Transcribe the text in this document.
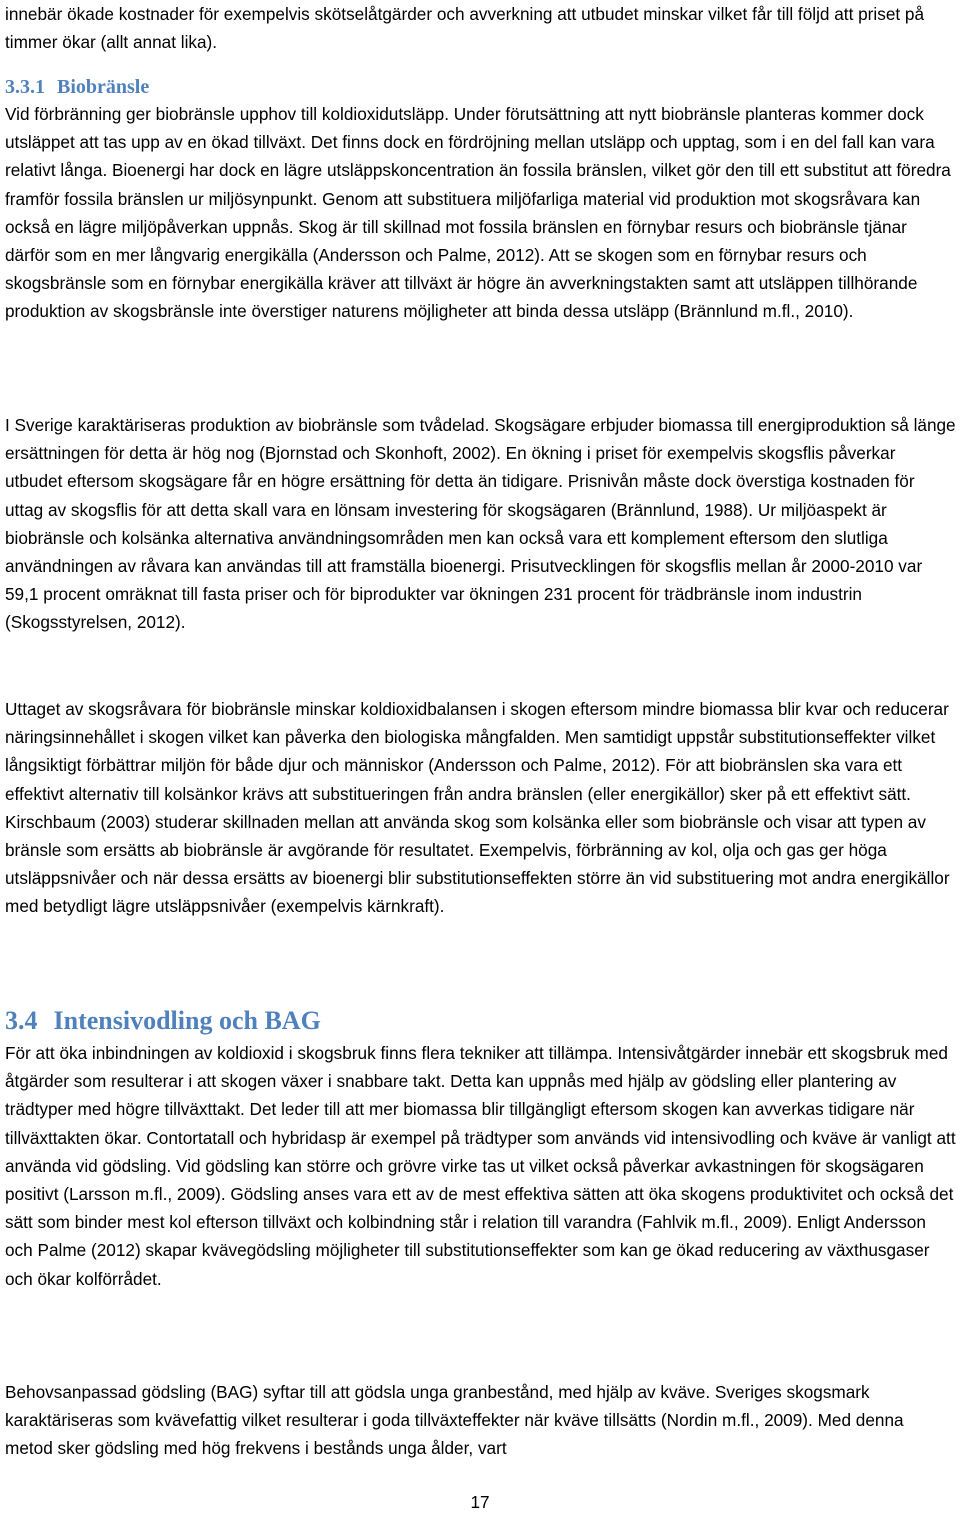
innebär ökade kostnader för exempelvis skötselåtgärder och avverkning att utbudet minskar vilket får till följd att priset på timmer ökar (allt annat lika).

3.3.1 Biobränsle

Vid förbränning ger biobränsle upphov till koldioxidutsläpp. Under förutsättning att nytt biobränsle planteras kommer dock utsläppet att tas upp av en ökad tillväxt. Det finns dock en fördröjning mellan utsläpp och upptag, som i en del fall kan vara relativt långa. Bioenergi har dock en lägre utsläppskoncentration än fossila bränslen, vilket gör den till ett substitut att föredra framför fossila bränslen ur miljösynpunkt. Genom att substituera miljöfarliga material vid produktion mot skogsråvara kan också en lägre miljöpåverkan uppnås. Skog är till skillnad mot fossila bränslen en förnybar resurs och biobränsle tjänar därför som en mer långvarig energikälla (Andersson och Palme, 2012). Att se skogen som en förnybar resurs och skogsbränsle som en förnybar energikälla kräver att tillväxt är högre än avverkningstakten samt att utsläppen tillhörande produktion av skogsbränsle inte överstiger naturens möjligheter att binda dessa utsläpp (Brännlund m.fl., 2010).

I Sverige karaktäriseras produktion av biobränsle som tvådelad. Skogsägare erbjuder biomassa till energiproduktion så länge ersättningen för detta är hög nog (Bjornstad och Skonhoft, 2002). En ökning i priset för exempelvis skogsflis påverkar utbudet eftersom skogsägare får en högre ersättning för detta än tidigare. Prisnivån måste dock överstiga kostnaden för uttag av skogsflis för att detta skall vara en lönsam investering för skogsägaren (Brännlund, 1988). Ur miljöaspekt är biobränsle och kolsänka alternativa användningsområden men kan också vara ett komplement eftersom den slutliga användningen av råvara kan användas till att framställa bioenergi. Prisutvecklingen för skogsflis mellan år 2000-2010 var 59,1 procent omräknat till fasta priser och för biprodukter var ökningen 231 procent för trädbränsle inom industrin (Skogsstyrelsen, 2012).

Uttaget av skogsråvara för biobränsle minskar koldioxidbalansen i skogen eftersom mindre biomassa blir kvar och reducerar näringsinnehållet i skogen vilket kan påverka den biologiska mångfalden. Men samtidigt uppstår substitutionseffekter vilket långsiktigt förbättrar miljön för både djur och människor (Andersson och Palme, 2012). För att biobränslen ska vara ett effektivt alternativ till kolsänkor krävs att substitueringen från andra bränslen (eller energikällor) sker på ett effektivt sätt. Kirschbaum (2003) studerar skillnaden mellan att använda skog som kolsänka eller som biobränsle och visar att typen av bränsle som ersätts ab biobränsle är avgörande för resultatet. Exempelvis, förbränning av kol, olja och gas ger höga utsläppsnivåer och när dessa ersätts av bioenergi blir substitutionseffekten större än vid substituering mot andra energikällor med betydligt lägre utsläppsnivåer (exempelvis kärnkraft).

3.4 Intensivodling och BAG

För att öka inbindningen av koldioxid i skogsbruk finns flera tekniker att tillämpa. Intensivåtgärder innebär ett skogsbruk med åtgärder som resulterar i att skogen växer i snabbare takt. Detta kan uppnås med hjälp av gödsling eller plantering av trädtyper med högre tillväxttakt. Det leder till att mer biomassa blir tillgängligt eftersom skogen kan avverkas tidigare när tillväxttakten ökar. Contortatall och hybridasp är exempel på trädtyper som används vid intensivodling och kväve är vanligt att använda vid gödsling. Vid gödsling kan större och grövre virke tas ut vilket också påverkar avkastningen för skogsägaren positivt (Larsson m.fl., 2009). Gödsling anses vara ett av de mest effektiva sätten att öka skogens produktivitet och också det sätt som binder mest kol efterson tillväxt och kolbindning står i relation till varandra (Fahlvik m.fl., 2009). Enligt Andersson och Palme (2012) skapar kvävegödsling möjligheter till substitutionseffekter som kan ge ökad reducering av växthusgaser och ökar kolförrådet.

Behovsanpassad gödsling (BAG) syftar till att gödsla unga granbestånd, med hjälp av kväve. Sveriges skogsmark karaktäriseras som kvävefattig vilket resulterar i goda tillväxteffekter när kväve tillsätts (Nordin m.fl., 2009). Med denna metod sker gödsling med hög frekvens i bestånds unga ålder, vart

17
